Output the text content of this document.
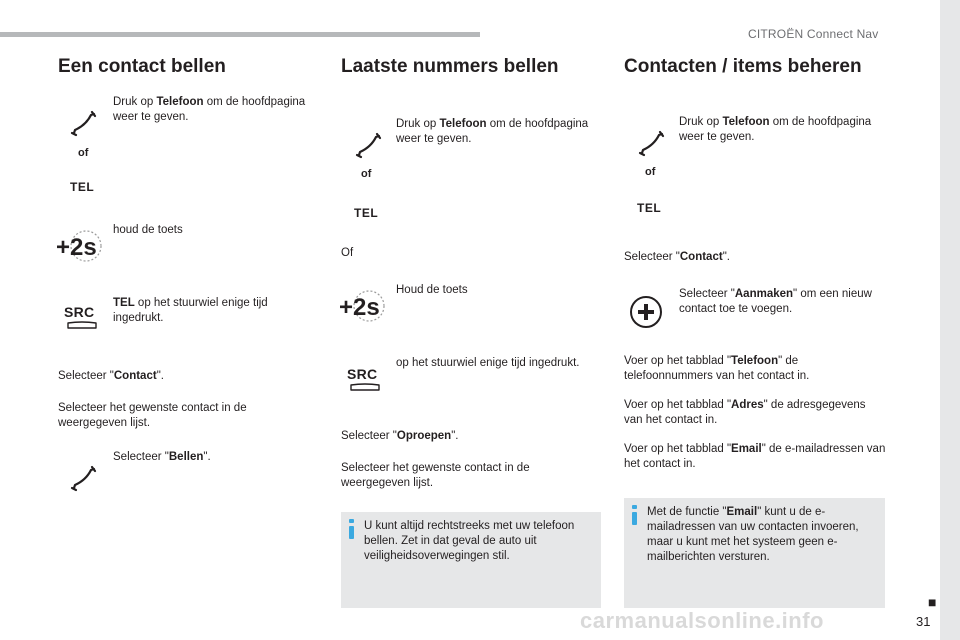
CITROËN Connect Nav
■
31
carmanualsonline.info
Een contact bellen
Druk op Telefoon om de hoofdpagina weer te geven.
of
TEL
+2s
houd de toets
SRC
TEL op het stuurwiel enige tijd ingedrukt.
Selecteer "Contact".
Selecteer het gewenste contact in de weergegeven lijst.
Selecteer "Bellen".
Laatste nummers bellen
Druk op Telefoon om de hoofdpagina weer te geven.
of
TEL
Of
+2s
Houd de toets
SRC
op het stuurwiel enige tijd ingedrukt.
Selecteer "Oproepen".
Selecteer het gewenste contact in de weergegeven lijst.
U kunt altijd rechtstreeks met uw telefoon bellen. Zet in dat geval de auto uit veiligheidsoverwegingen stil.
Contacten / items beheren
Druk op Telefoon om de hoofdpagina weer te geven.
of
TEL
Selecteer "Contact".
Selecteer "Aanmaken" om een nieuw contact toe te voegen.
Voer op het tabblad "Telefoon" de telefoonnummers van het contact in.
Voer op het tabblad "Adres" de adresgegevens van het contact in.
Voer op het tabblad "Email" de e-mailadressen van het contact in.
Met de functie "Email" kunt u de e-mailadressen van uw contacten invoeren, maar u kunt met het systeem geen e-mailberichten versturen.
